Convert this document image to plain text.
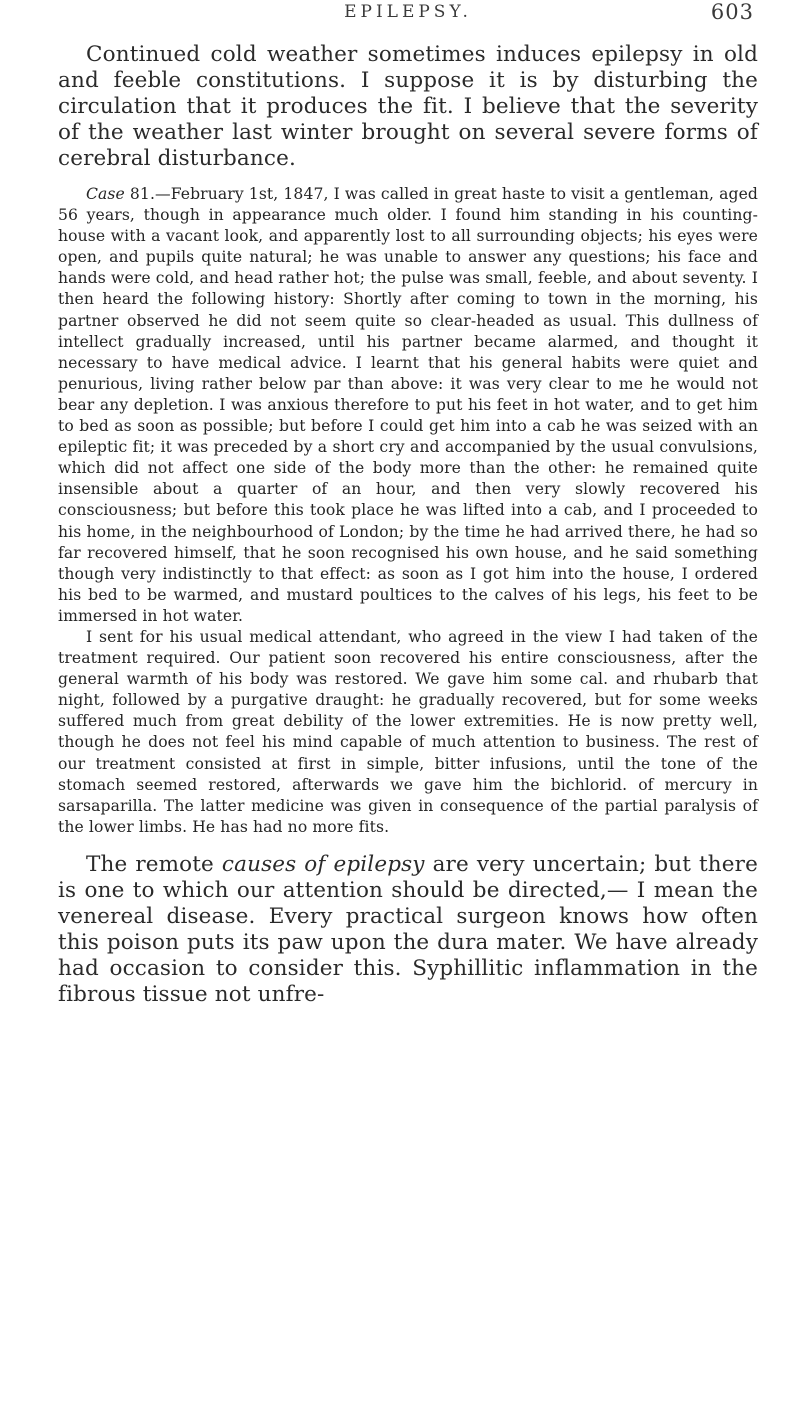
EPILEPSY.	603

Continued cold weather sometimes induces epilepsy in old and feeble constitutions. I suppose it is by disturbing the circulation that it produces the fit. I believe that the severity of the weather last winter brought on several severe forms of cerebral disturbance.

Case 81.—February 1st, 1847, I was called in great haste to visit a gentleman, aged 56 years, though in appearance much older. I found him standing in his counting-house with a vacant look, and apparently lost to all surrounding objects; his eyes were open, and pupils quite natural; he was unable to answer any questions; his face and hands were cold, and head rather hot; the pulse was small, feeble, and about seventy. I then heard the following history: Shortly after coming to town in the morning, his partner observed he did not seem quite so clear-headed as usual. This dullness of intellect gradually increased, until his partner became alarmed, and thought it necessary to have medical advice. I learnt that his general habits were quiet and penurious, living rather below par than above: it was very clear to me he would not bear any depletion. I was anxious therefore to put his feet in hot water, and to get him to bed as soon as possible; but before I could get him into a cab he was seized with an epileptic fit; it was preceded by a short cry and accompanied by the usual convulsions, which did not affect one side of the body more than the other: he remained quite insensible about a quarter of an hour, and then very slowly recovered his consciousness; but before this took place he was lifted into a cab, and I proceeded to his home, in the neighbourhood of London; by the time he had arrived there, he had so far recovered himself, that he soon recognised his own house, and he said something though very indistinctly to that effect: as soon as I got him into the house, I ordered his bed to be warmed, and mustard poultices to the calves of his legs, his feet to be immersed in hot water.

I sent for his usual medical attendant, who agreed in the view I had taken of the treatment required. Our patient soon recovered his entire consciousness, after the general warmth of his body was restored. We gave him some cal. and rhubarb that night, followed by a purgative draught: he gradually recovered, but for some weeks suffered much from great debility of the lower extremities. He is now pretty well, though he does not feel his mind capable of much attention to business. The rest of our treatment consisted at first in simple, bitter infusions, until the tone of the stomach seemed restored, afterwards we gave him the bichlorid. of mercury in sarsaparilla. The latter medicine was given in consequence of the partial paralysis of the lower limbs. He has had no more fits.

The remote causes of epilepsy are very uncertain; but there is one to which our attention should be directed,— I mean the venereal disease. Every practical surgeon knows how often this poison puts its paw upon the dura mater. We have already had occasion to consider this. Syphillitic inflammation in the fibrous tissue not unfre-
